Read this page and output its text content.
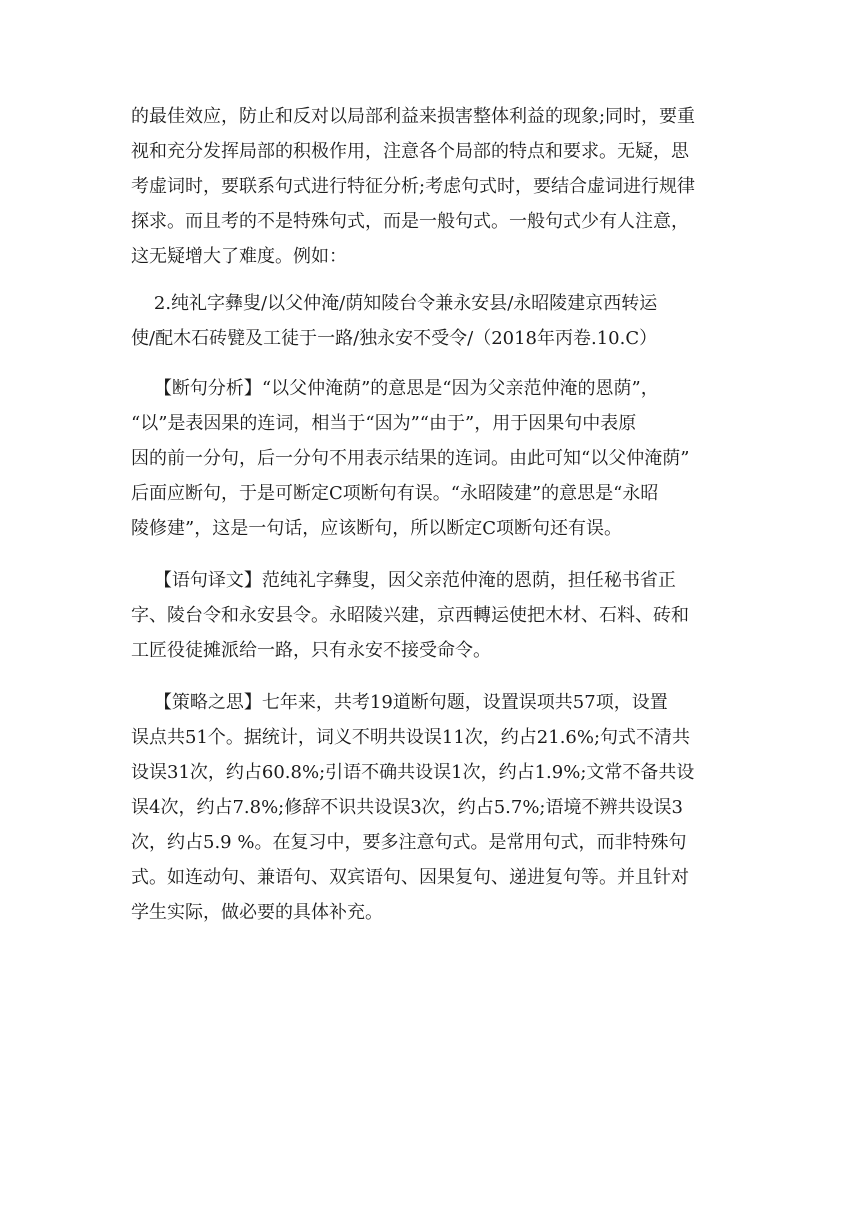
的最佳效应，防止和反对以局部利益来损害整体利益的现象;同时，要重
视和充分发挥局部的积极作用，注意各个局部的特点和要求。无疑，思
考虚词时，要联系句式进行特征分析;考虑句式时，要结合虚词进行规律
探求。而且考的不是特殊句式，而是一般句式。一般句式少有人注意，
这无疑增大了难度。例如：
2.纯礼字彝叟/以父仲淹/荫知陵台令兼永安县/永昭陵建京西转运
使/配木石砖甓及工徒于一路/独永安不受令/（2018年丙卷.10.C）
【断句分析】“以父仲淹荫”的意思是“因为父亲范仲淹的恩荫”，
“以”是表因果的连词，相当于“因为”“由于”，用于因果句中表原
因的前一分句，后一分句不用表示结果的连词。由此可知“以父仲淹荫”
后面应断句，于是可断定C项断句有误。“永昭陵建”的意思是“永昭
陵修建”，这是一句话，应该断句，所以断定C项断句还有误。
【语句译文】范纯礼字彝叟，因父亲范仲淹的恩荫，担任秘书省正
字、陵台令和永安县令。永昭陵兴建，京西轉运使把木材、石料、砖和
工匠役徒摊派给一路，只有永安不接受命令。
【策略之思】七年来，共考19道断句题，设置误项共57项，设置
误点共51个。据统计，词义不明共设误11次，约占21.6%;句式不清共
设误31次，约占60.8%;引语不确共设误1次，约占1.9%;文常不备共设
误4次，约占7.8%;修辞不识共设误3次，约占5.7%;语境不辨共设误3
次，约占5.9 %。在复习中，要多注意句式。是常用句式，而非特殊句
式。如连动句、兼语句、双宾语句、因果复句、递进复句等。并且针对
学生实际，做必要的具体补充。
